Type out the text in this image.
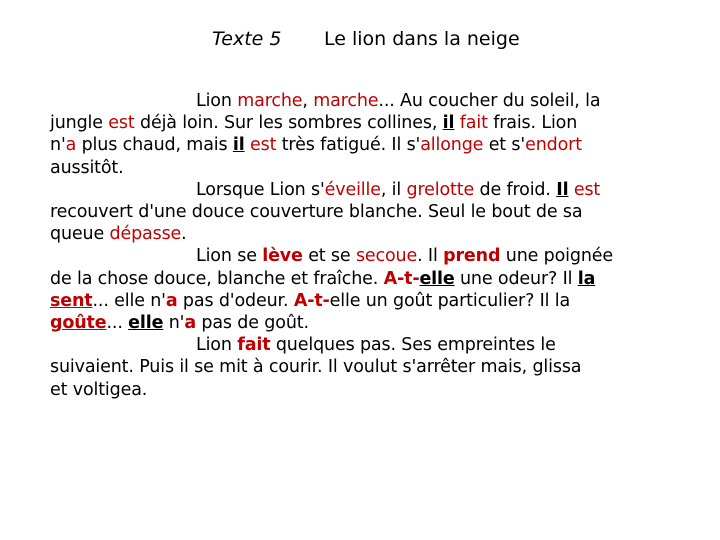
Texte 5 Le lion dans la neige
Lion marche, marche... Au coucher du soleil, la
jungle est déjà loin. Sur les sombres collines, il fait frais. Lion
n'a plus chaud, mais il est très fatigué. Il s'allonge et s'endort
aussitôt.
Lorsque Lion s'éveille, il grelotte de froid. Il est
recouvert d'une douce couverture blanche. Seul le bout de sa
queue dépasse.
Lion se lève et se secoue. Il prend une poignée
de la chose douce, blanche et fraîche. A-t-elle une odeur? Il la
sent... elle n'a pas d'odeur. A-t-elle un goût particulier? Il la
goûte... elle n'a pas de goût.
Lion fait quelques pas. Ses empreintes le
suivaient. Puis il se mit à courir. Il voulut s'arrêter mais, glissa
et voltigea.
